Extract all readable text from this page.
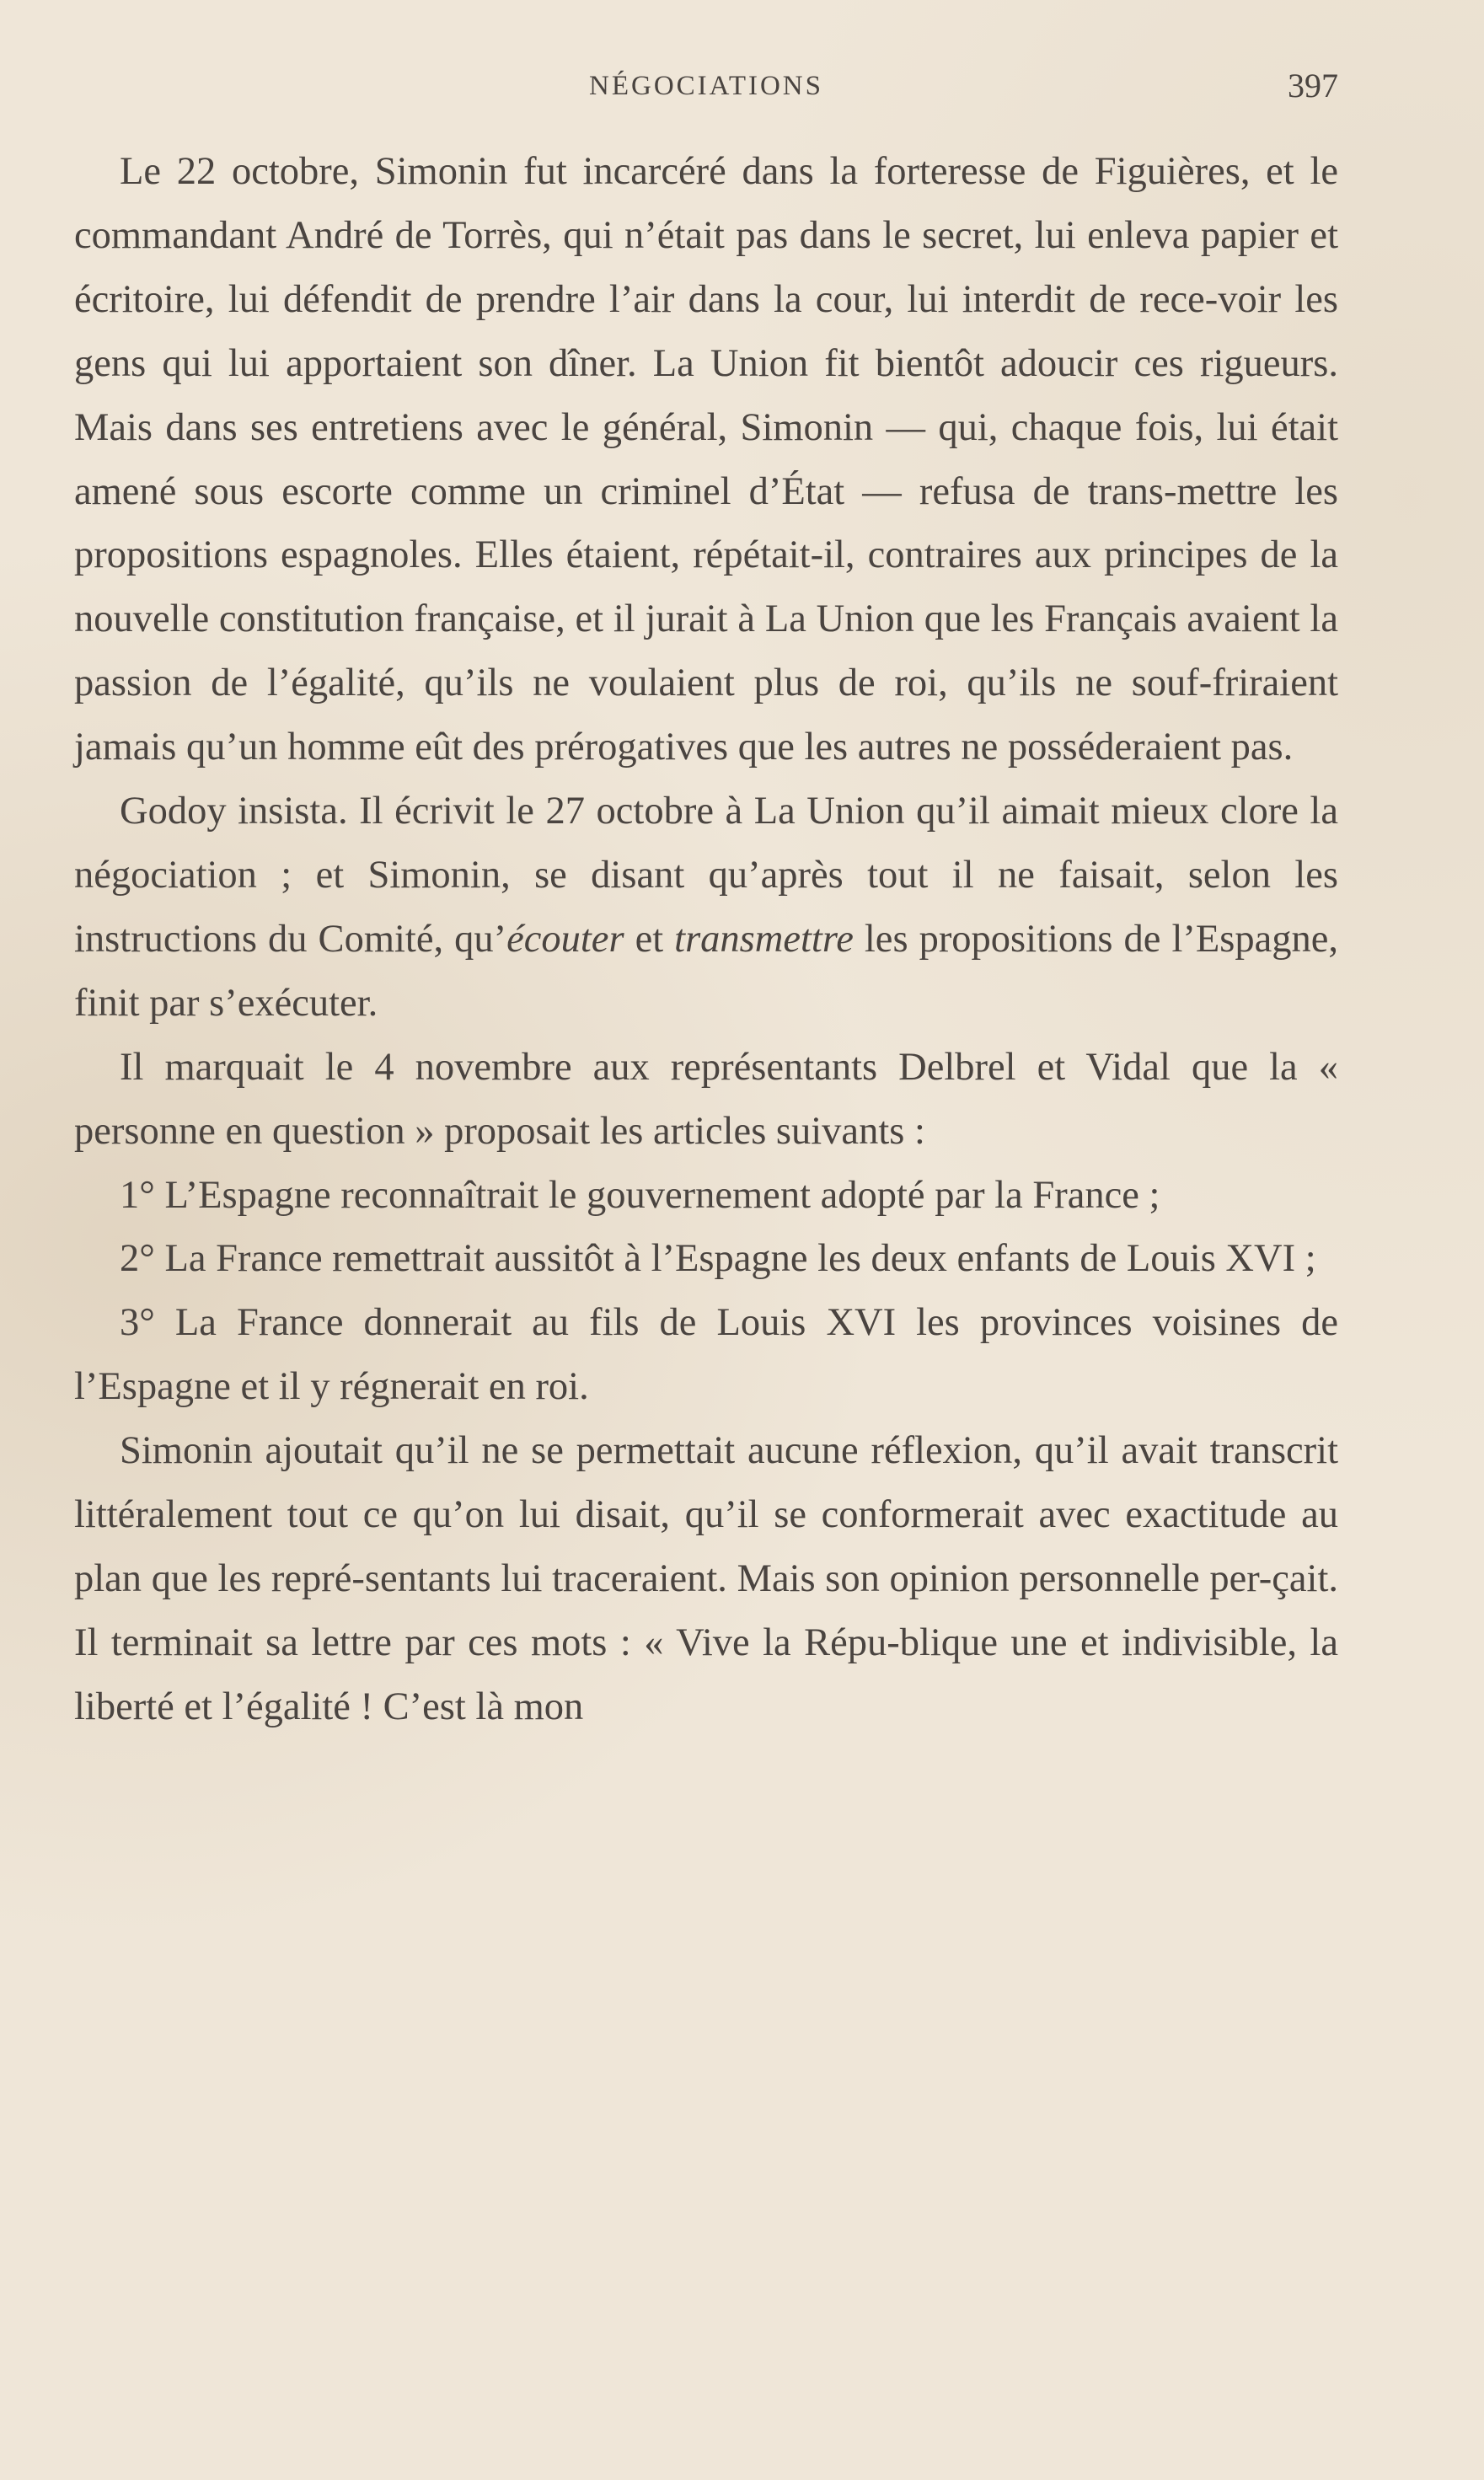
NÉGOCIATIONS	397

Le 22 octobre, Simonin fut incarcéré dans la forteresse de Figuières, et le commandant André de Torrès, qui n’était pas dans le secret, lui enleva papier et écritoire, lui défendit de prendre l’air dans la cour, lui interdit de rece-voir les gens qui lui apportaient son dîner. La Union fit bientôt adoucir ces rigueurs. Mais dans ses entretiens avec le général, Simonin — qui, chaque fois, lui était amené sous escorte comme un criminel d’État — refusa de trans-mettre les propositions espagnoles. Elles étaient, répétait-il, contraires aux principes de la nouvelle constitution française, et il jurait à La Union que les Français avaient la passion de l’égalité, qu’ils ne voulaient plus de roi, qu’ils ne souf-friraient jamais qu’un homme eût des prérogatives que les autres ne posséderaient pas.

Godoy insista. Il écrivit le 27 octobre à La Union qu’il aimait mieux clore la négociation ; et Simonin, se disant qu’après tout il ne faisait, selon les instructions du Comité, qu’écouter et transmettre les propositions de l’Espagne, finit par s’exécuter.

Il marquait le 4 novembre aux représentants Delbrel et Vidal que la « personne en question » proposait les articles suivants :

1° L’Espagne reconnaîtrait le gouvernement adopté par la France ;

2° La France remettrait aussitôt à l’Espagne les deux enfants de Louis XVI ;

3° La France donnerait au fils de Louis XVI les provinces voisines de l’Espagne et il y régnerait en roi.

Simonin ajoutait qu’il ne se permettait aucune réflexion, qu’il avait transcrit littéralement tout ce qu’on lui disait, qu’il se conformerait avec exactitude au plan que les repré-sentants lui traceraient. Mais son opinion personnelle per-çait. Il terminait sa lettre par ces mots : « Vive la Répu-blique une et indivisible, la liberté et l’égalité ! C’est là mon
